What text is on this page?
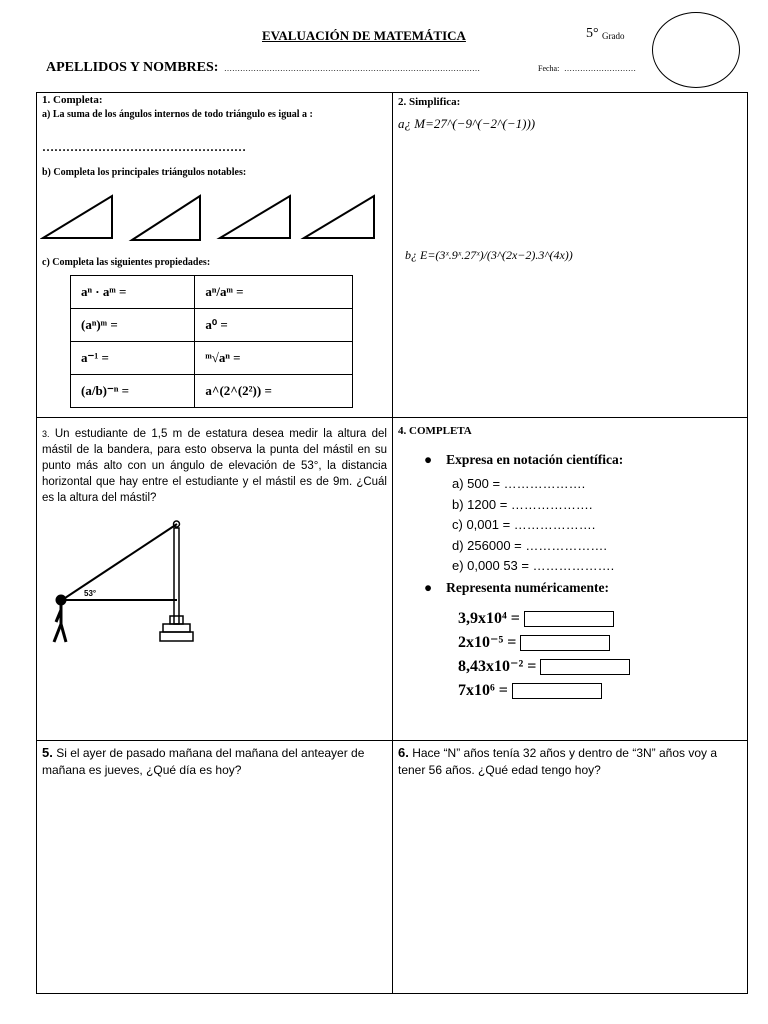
EVALUACIÓN DE MATEMÁTICA	5° Grado
APELLIDOS Y NOMBRES: ……………………………………………………………………………………	Fecha: ………………………
1. Completa:
a) La suma de los ángulos internos de todo triángulo es igual a :
……………………………………………
b) Completa los principales triángulos notables:
c) Completa las siguientes propiedades:
aⁿ · aᵐ =	aⁿ/aᵐ =
(aⁿ)ᵐ =	a⁰ =
a⁻¹ =	ᵐ√aⁿ =
(a/b)⁻ⁿ =	a^(2^(2²)) =
2. Simplifica:
a¿ M=27^(−9^(−2^(−1)))
b¿ E=(3ˣ.9ˣ.27ˣ)/(3^(2x−2).3^(4x))
3. Un estudiante de 1,5 m de estatura desea medir la altura del mástil de la bandera, para esto observa la punta del mástil en su punto más alto con un ángulo de elevación de 53°, la distancia horizontal que hay entre el estudiante y el mástil es de 9m. ¿Cuál es la altura del mástil?
53°
4. COMPLETA
● Expresa en notación científica:
a) 500 = ……………….
b) 1200 = ……………….
c) 0,001 = ……………….
d) 256000 = ……………….
e) 0,000 53 = ……………….
● Representa numéricamente:
3,9x10⁴ =
2x10⁻⁵ =
8,43x10⁻² =
7x10⁶ =
5. Si el ayer de pasado mañana del mañana del anteayer de mañana es jueves, ¿Qué día es hoy?
6. Hace “N” años tenía 32 años y dentro de “3N” años voy a tener 56 años. ¿Qué edad tengo hoy?
